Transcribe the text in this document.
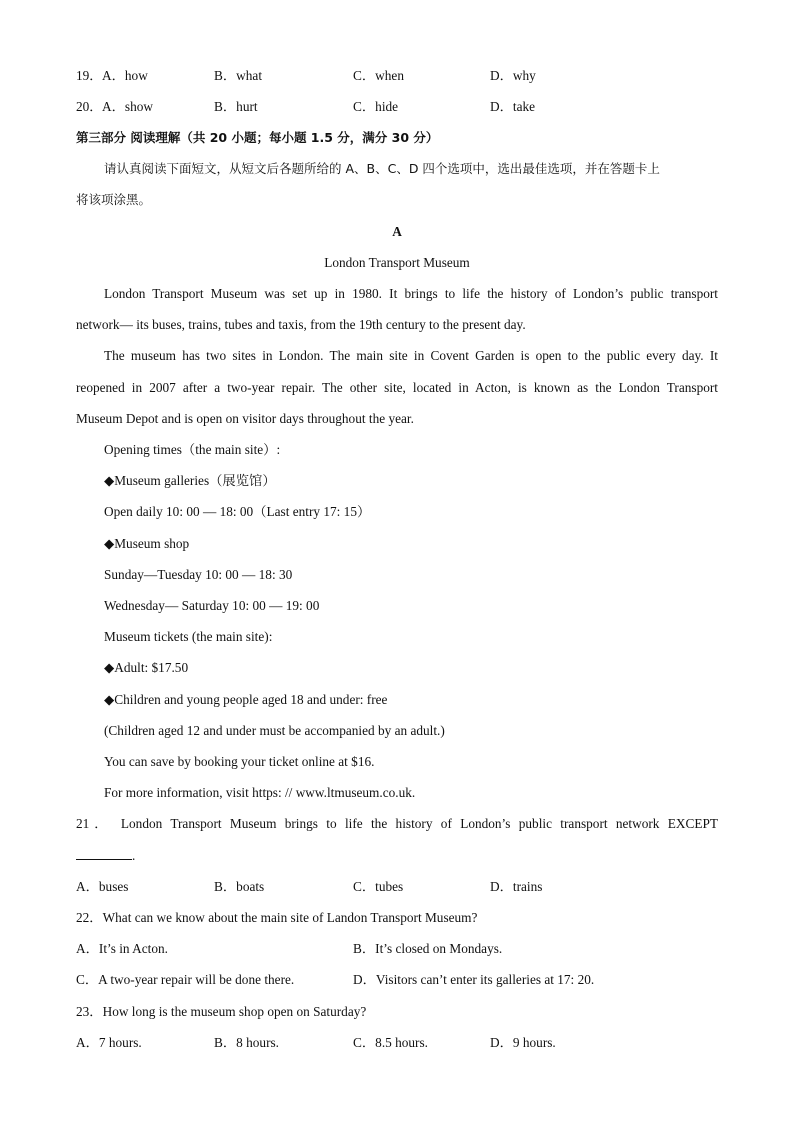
19． A．how	B．what	C．when	D．why
20． A．show	B．hurt	C．hide	D．take
第三部分 阅读理解（共 20 小题；每小题 1.5 分，满分 30 分）
请认真阅读下面短文，从短文后各题所给的 A、B、C、D 四个选项中，选出最佳选项，并在答题卡上
将该项涂黑。
A
London Transport Museum
London Transport Museum was set up in 1980. It brings to life the history of London’s public transport
network— its buses, trains, tubes and taxis, from the 19th century to the present day.
The museum has two sites in London. The main site in Covent Garden is open to the public every day. It
reopened in 2007 after a two-year repair. The other site, located in Acton, is known as the London Transport
Museum Depot and is open on visitor days throughout the year.
Opening times（the main site）:
◆Museum galleries（展览馆）
Open daily 10: 00 — 18: 00（Last entry 17: 15）
◆Museum shop
Sunday—Tuesday 10: 00 — 18: 30
Wednesday— Saturday 10: 00 — 19: 00
Museum tickets (the main site):
◆Adult: $17.50
◆Children and young people aged 18 and under: free
(Children aged 12 and under must be accompanied by an adult.)
You can save by booking your ticket online at $16.
For more information, visit https: // www.ltmuseum.co.uk.
21． London Transport Museum brings to life the history of London’s public transport network EXCEPT
.
A．buses	B．boats	C．tubes	D．trains
22．What can we know about the main site of Landon Transport Museum?
A．It’s in Acton.	B．It’s closed on Mondays.
C．A two-year repair will be done there.	D．Visitors can’t enter its galleries at 17: 20.
23．How long is the museum shop open on Saturday?
A．7 hours.	B．8 hours.	C．8.5 hours.	D．9 hours.
